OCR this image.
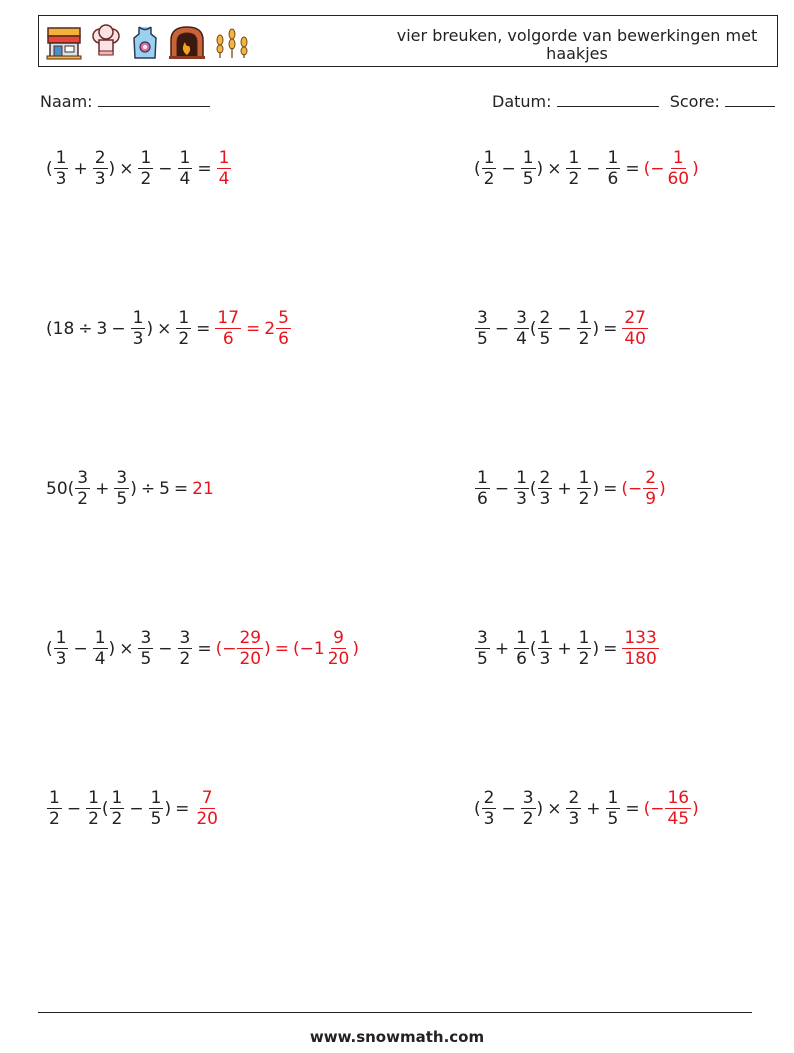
vier breuken, volgorde van bewerkingen met haakjes
Naam:	Datum:	Score:
( $\frac{1}{3} + \frac{2}{3}$ ) × $\frac{1}{2} - \frac{1}{4} = \frac{1}{4}$	( $\frac{1}{2} - \frac{1}{5}$ ) × $\frac{1}{2} - \frac{1}{6}$ = ( − $\frac{1}{60}$ )
( $18 \div 3 - \frac{1}{3}$ ) × $\frac{1}{2} = \frac{17}{6} = 2 \frac{5}{6}$	$\frac{3}{5} - \frac{3}{4}$ ( $\frac{2}{5} - \frac{1}{2}$ ) = $\frac{27}{40}$
50 ( $\frac{3}{2} + \frac{3}{5}$ ) ÷ 5 = 21	$\frac{1}{6} - \frac{1}{3}$ ( $\frac{2}{3} + \frac{1}{2}$ ) = ( − $\frac{2}{9}$ )
( $\frac{1}{3} - \frac{1}{4}$ ) × $\frac{3}{5} - \frac{3}{2}$ = ( − $\frac{29}{20}$ ) = ( − $1 \frac{9}{20}$ )	$\frac{3}{5} + \frac{1}{6}$ ( $\frac{1}{3} + \frac{1}{2}$ ) = $\frac{133}{180}$
$\frac{1}{2} - \frac{1}{2}$ ( $\frac{1}{2} - \frac{1}{5}$ ) = $\frac{7}{20}$	( $\frac{2}{3} - \frac{3}{2}$ ) × $\frac{2}{3} + \frac{1}{5}$ = ( − $\frac{16}{45}$ )
www.snowmath.com
